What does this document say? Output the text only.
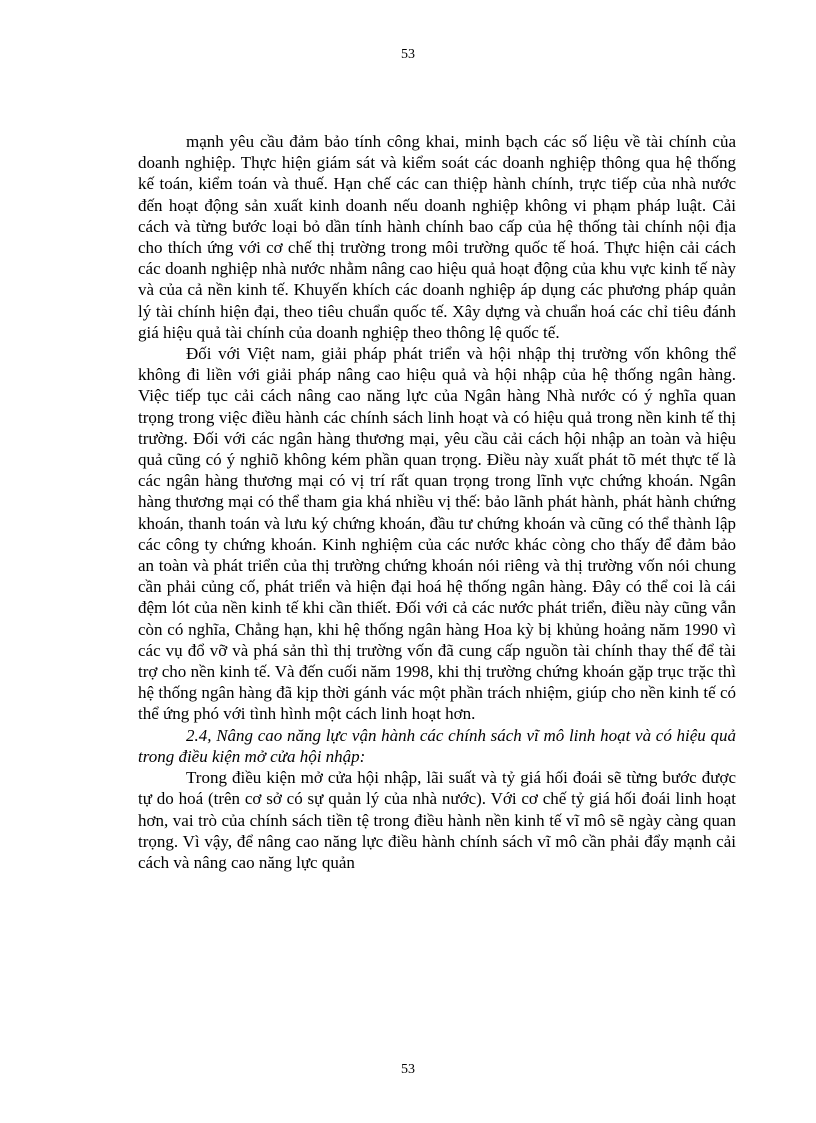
53

mạnh yêu cầu đảm bảo tính công khai, minh bạch các số liệu về tài chính của doanh nghiệp. Thực hiện giám sát và kiểm soát các doanh nghiệp thông qua hệ thống kế toán, kiểm toán và thuế. Hạn chế các can thiệp hành chính, trực tiếp của nhà nước đến hoạt động sản xuất kinh doanh nếu doanh nghiệp không vi phạm pháp luật. Cải cách và từng bước loại bỏ dần tính hành chính bao cấp của hệ thống tài chính nội địa cho thích ứng với cơ chế thị trường trong môi trường quốc tế hoá. Thực hiện cải cách các doanh nghiệp nhà nước nhằm nâng cao hiệu quả hoạt động của khu vực kinh tế này và của cả nền kinh tế. Khuyến khích các doanh nghiệp áp dụng các phương pháp quản lý tài chính hiện đại, theo tiêu chuẩn quốc tế. Xây dựng và chuẩn hoá các chỉ tiêu đánh giá hiệu quả tài chính của doanh nghiệp theo thông lệ quốc tế.

Đối với Việt nam, giải pháp phát triển và hội nhập thị trường vốn không thể không đi liền với giải pháp nâng cao hiệu quả và hội nhập của hệ thống ngân hàng. Việc tiếp tục cải cách nâng cao năng lực của Ngân hàng Nhà nước có ý nghĩa quan trọng trong việc điều hành các chính sách linh hoạt và có hiệu quả trong nền kinh tế thị trường. Đối với các ngân hàng thương mại, yêu cầu cải cách hội nhập an toàn và hiệu quả cũng có ý nghiõ không kém phần quan trọng. Điều này xuất phát tõ mét thực tế là các ngân hàng thương mại có vị trí rất quan trọng trong lĩnh vực chứng khoán. Ngân hàng thương mại có thể tham gia khá nhiều vị thế: bảo lãnh phát hành, phát hành chứng khoán, thanh toán và lưu ký chứng khoán, đầu tư chứng khoán và cũng có thể thành lập các công ty chứng khoán. Kinh nghiệm của các nước khác còng cho thấy để đảm bảo an toàn và phát triển của thị trường chứng khoán nói riêng và thị trường vốn nói chung cần phải củng cố, phát triển và hiện đại hoá hệ thống ngân hàng. Đây có thể coi là cái đệm lót của nền kinh tế khi cần thiết. Đối với cả các nước phát triển, điều này cũng vẫn còn có nghĩa, Chẳng hạn, khi hệ thống ngân hàng Hoa kỳ bị khủng hoảng năm 1990 vì các vụ đổ vỡ và phá sản thì thị trường vốn đã cung cấp nguồn tài chính thay thế để tài trợ cho nền kinh tế. Và đến cuối năm 1998, khi thị trường chứng khoán gặp trục trặc thì hệ thống ngân hàng đã kịp thời gánh vác một phần trách nhiệm, giúp cho nền kinh tế có thể ứng phó với tình hình một cách linh hoạt hơn.

2.4, Nâng cao năng lực vận hành các chính sách vĩ mô linh hoạt và có hiệu quả trong điều kiện mở cửa hội nhập:

Trong điều kiện mở cửa hội nhập, lãi suất và tỷ giá hối đoái sẽ từng bước được tự do hoá (trên cơ sở có sự quản lý của nhà nước). Với cơ chế tỷ giá hối đoái linh hoạt hơn, vai trò của chính sách tiền tệ trong điều hành nền kinh tế vĩ mô sẽ ngày càng quan trọng. Vì vậy, để nâng cao năng lực điều hành chính sách vĩ mô cần phải đẩy mạnh cải cách và nâng cao năng lực quản

53
